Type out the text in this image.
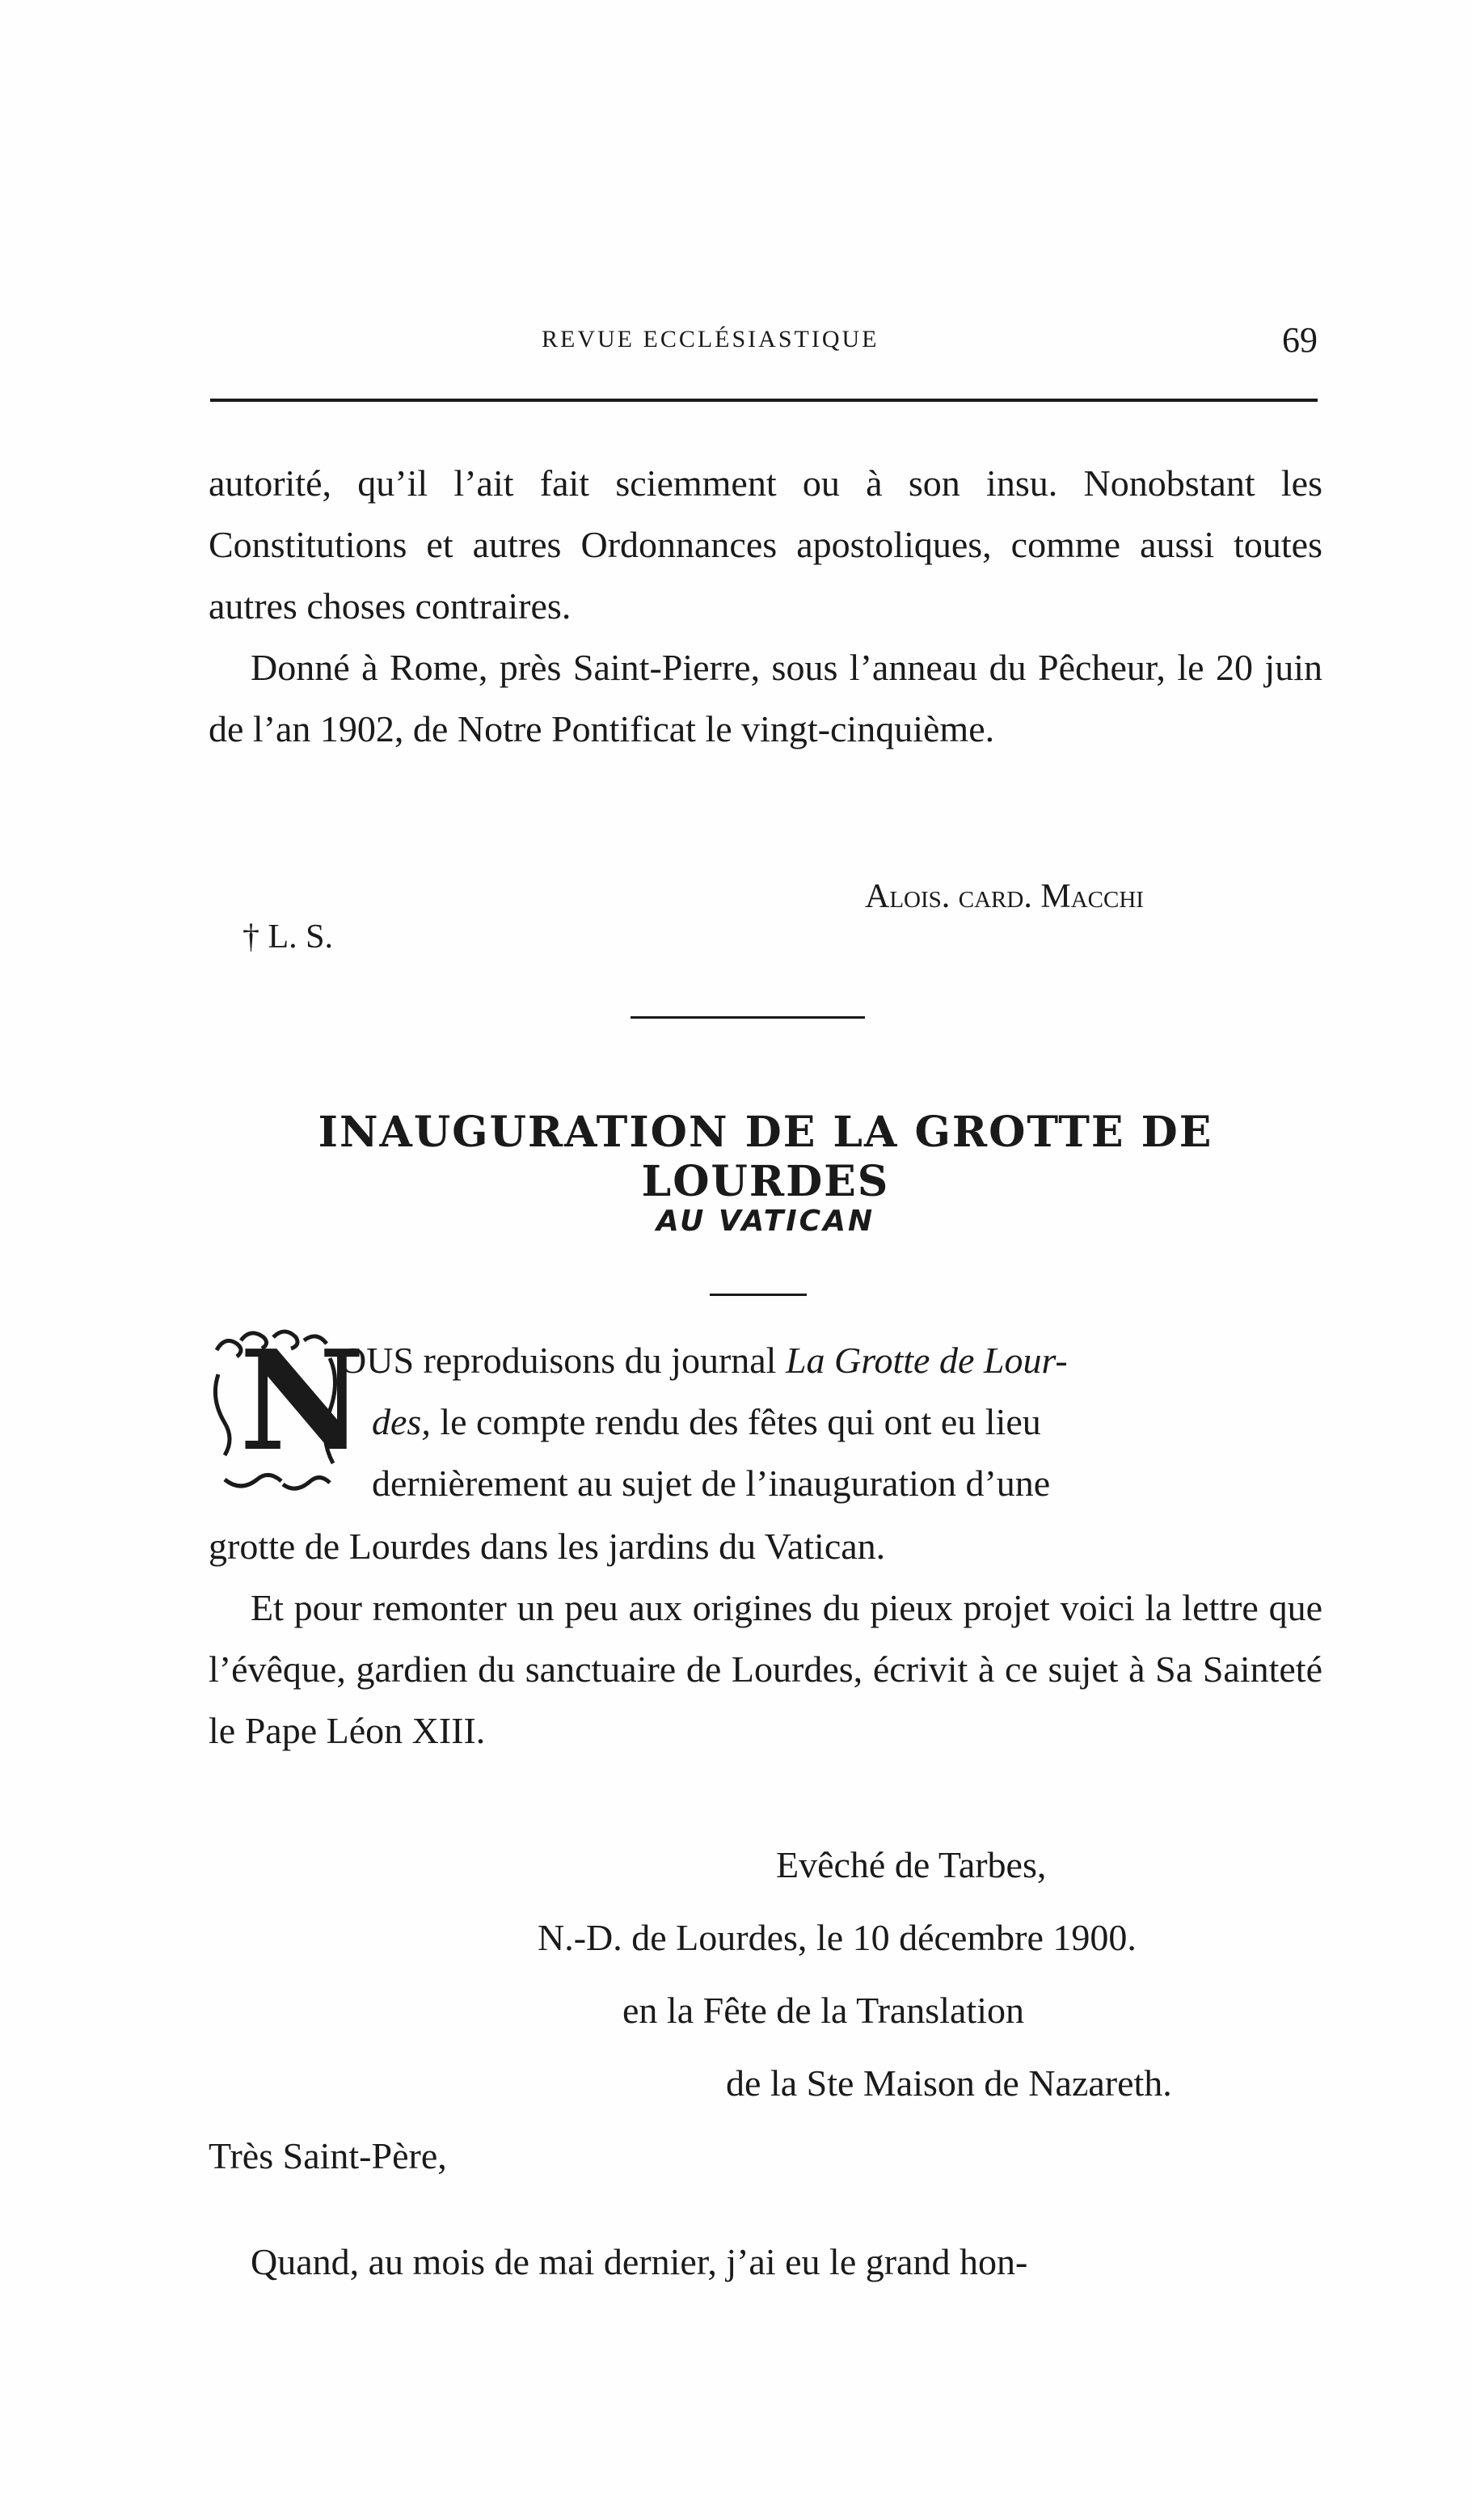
REVUE ECCLÉSIASTIQUE	69

autorité, qu’il l’ait fait sciemment ou à son insu. Nonobstant les Constitutions et autres Ordonnances apostoliques, comme aussi toutes autres choses contraires.

Donné à Rome, près Saint-Pierre, sous l’anneau du Pêcheur, le 20 juin de l’an 1902, de Notre Pontificat le vingt-cinquième.

Alois. card. Macchi
† L. S.
INAUGURATION DE LA GROTTE DE LOURDES
AU VATICAN
N
OUS reproduisons du journal La Grotte de Lour-
des, le compte rendu des fêtes qui ont eu lieu
dernièrement au sujet de l’inauguration d’une

grotte de Lourdes dans les jardins du Vatican.

Et pour remonter un peu aux origines du pieux projet voici la lettre que l’évêque, gardien du sanctuaire de Lourdes, écrivit à ce sujet à Sa Sainteté le Pape Léon XIII.

Evêché de Tarbes,
N.-D. de Lourdes, le 10 décembre 1900.
en la Fête de la Translation
de la Ste Maison de Nazareth.
Très Saint-Père,

Quand, au mois de mai dernier, j’ai eu le grand hon-
